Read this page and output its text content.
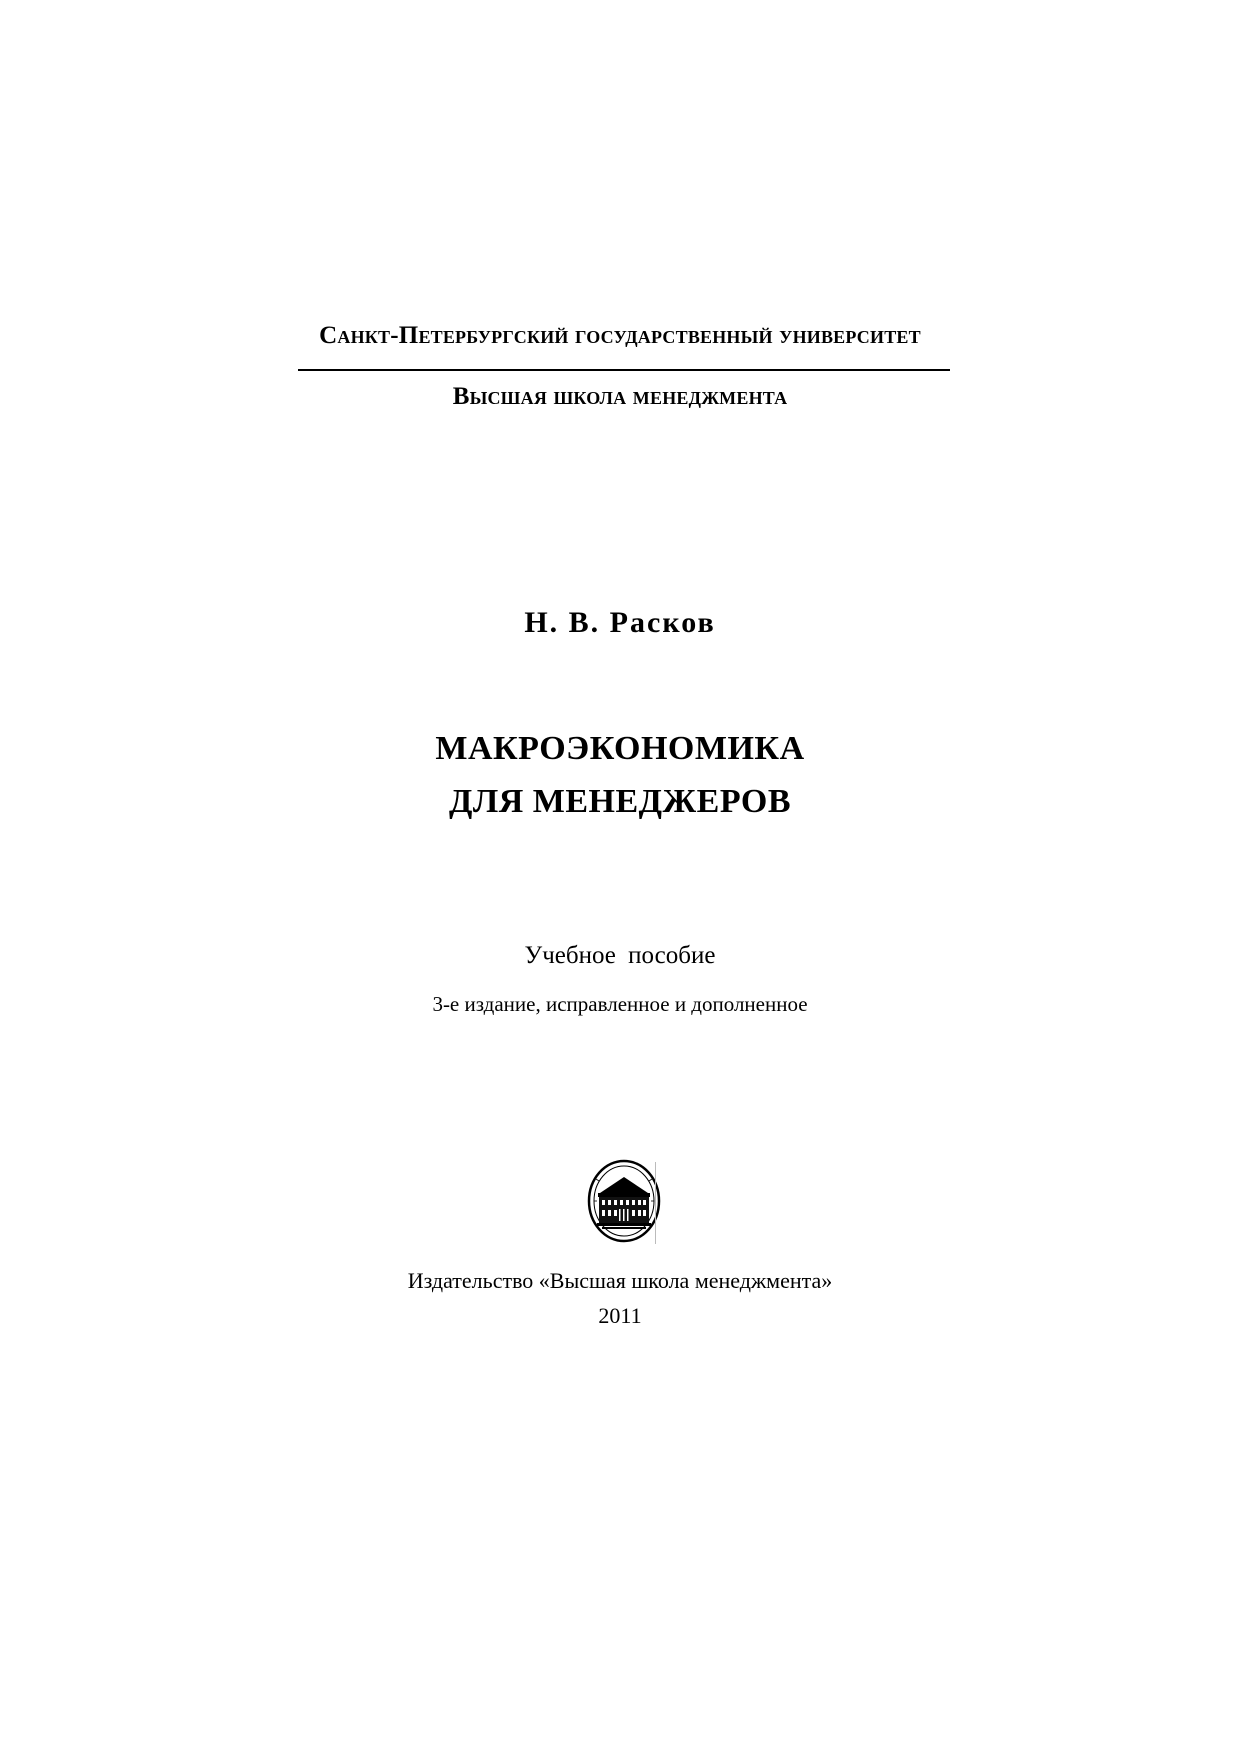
Санкт-Петербургский государственный университет
Высшая школа менеджмента
Н. В. Расков
МАКРОЭКОНОМИКА
ДЛЯ МЕНЕДЖЕРОВ
Учебное пособие
3-е издание, исправленное и дополненное
Издательство «Высшая школа менеджмента»
2011
